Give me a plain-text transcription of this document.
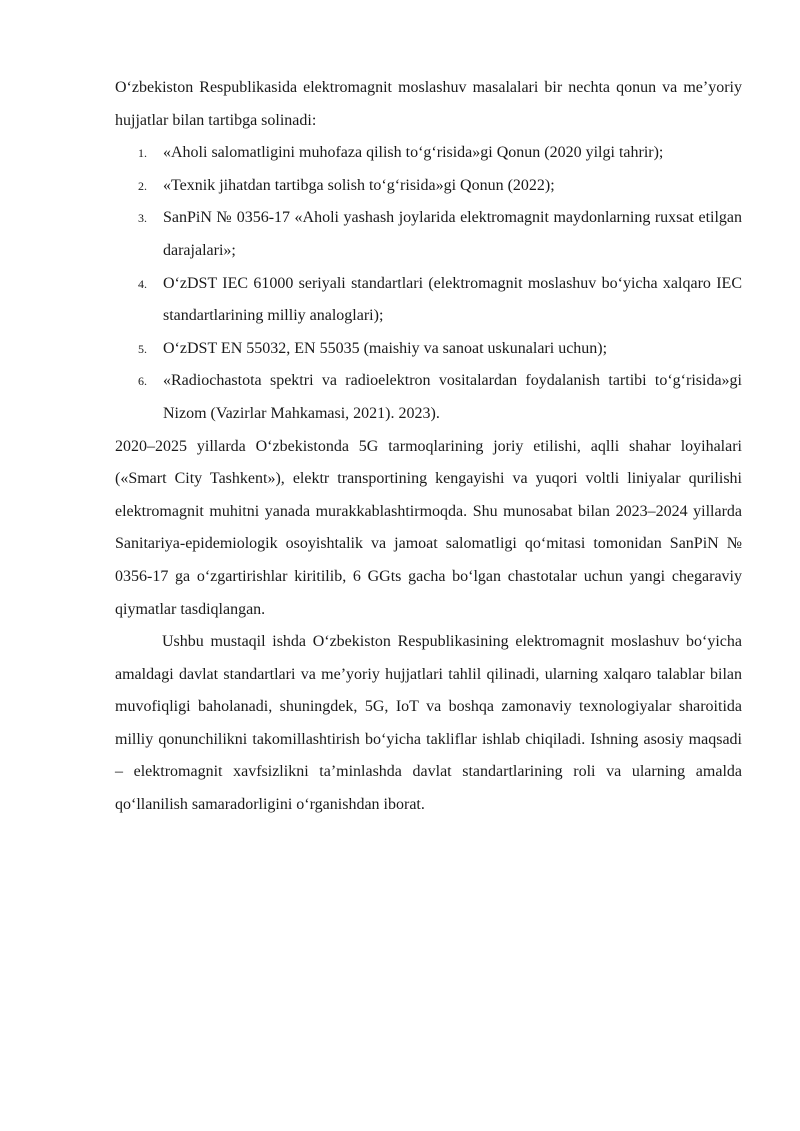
O‘zbekiston Respublikasida elektromagnit moslashuv masalalari bir nechta qonun va me’yoriy hujjatlar bilan tartibga solinadi:

1. «Aholi salomatligini muhofaza qilish to‘g‘risida»gi Qonun (2020 yilgi tahrir);
2. «Texnik jihatdan tartibga solish to‘g‘risida»gi Qonun (2022);
3. SanPiN № 0356-17 «Aholi yashash joylarida elektromagnit maydonlarning ruxsat etilgan darajalari»;
4. O‘zDST IEC 61000 seriyali standartlari (elektromagnit moslashuv bo‘yicha xalqaro IEC standartlarining milliy analoglari);
5. O‘zDST EN 55032, EN 55035 (maishiy va sanoat uskunalari uchun);
6. «Radiochastota spektri va radioelektron vositalardan foydalanish tartibi to‘g‘risida»gi Nizom (Vazirlar Mahkamasi, 2021). 2023).

2020–2025 yillarda O‘zbekistonda 5G tarmoqlarining joriy etilishi, aqlli shahar loyihalari («Smart City Tashkent»), elektr transportining kengayishi va yuqori voltli liniyalar qurilishi elektromagnit muhitni yanada murakkablashtirmoqda. Shu munosabat bilan 2023–2024 yillarda Sanitariya-epidemiologik osoyishtalik va jamoat salomatligi qo‘mitasi tomonidan SanPiN № 0356-17 ga o‘zgartirishlar kiritilib, 6 GGts gacha bo‘lgan chastotalar uchun yangi chegaraviy qiymatlar tasdiqlangan.

Ushbu mustaqil ishda O‘zbekiston Respublikasining elektromagnit moslashuv bo‘yicha amaldagi davlat standartlari va me’yoriy hujjatlari tahlil qilinadi, ularning xalqaro talablar bilan muvofiqligi baholanadi, shuningdek, 5G, IoT va boshqa zamonaviy texnologiyalar sharoitida milliy qonunchilikni takomillashtirish bo‘yicha takliflar ishlab chiqiladi. Ishning asosiy maqsadi – elektromagnit xavfsizlikni ta’minlashda davlat standartlarining roli va ularning amalda qo‘llanilish samaradorligini o‘rganishdan iborat.
